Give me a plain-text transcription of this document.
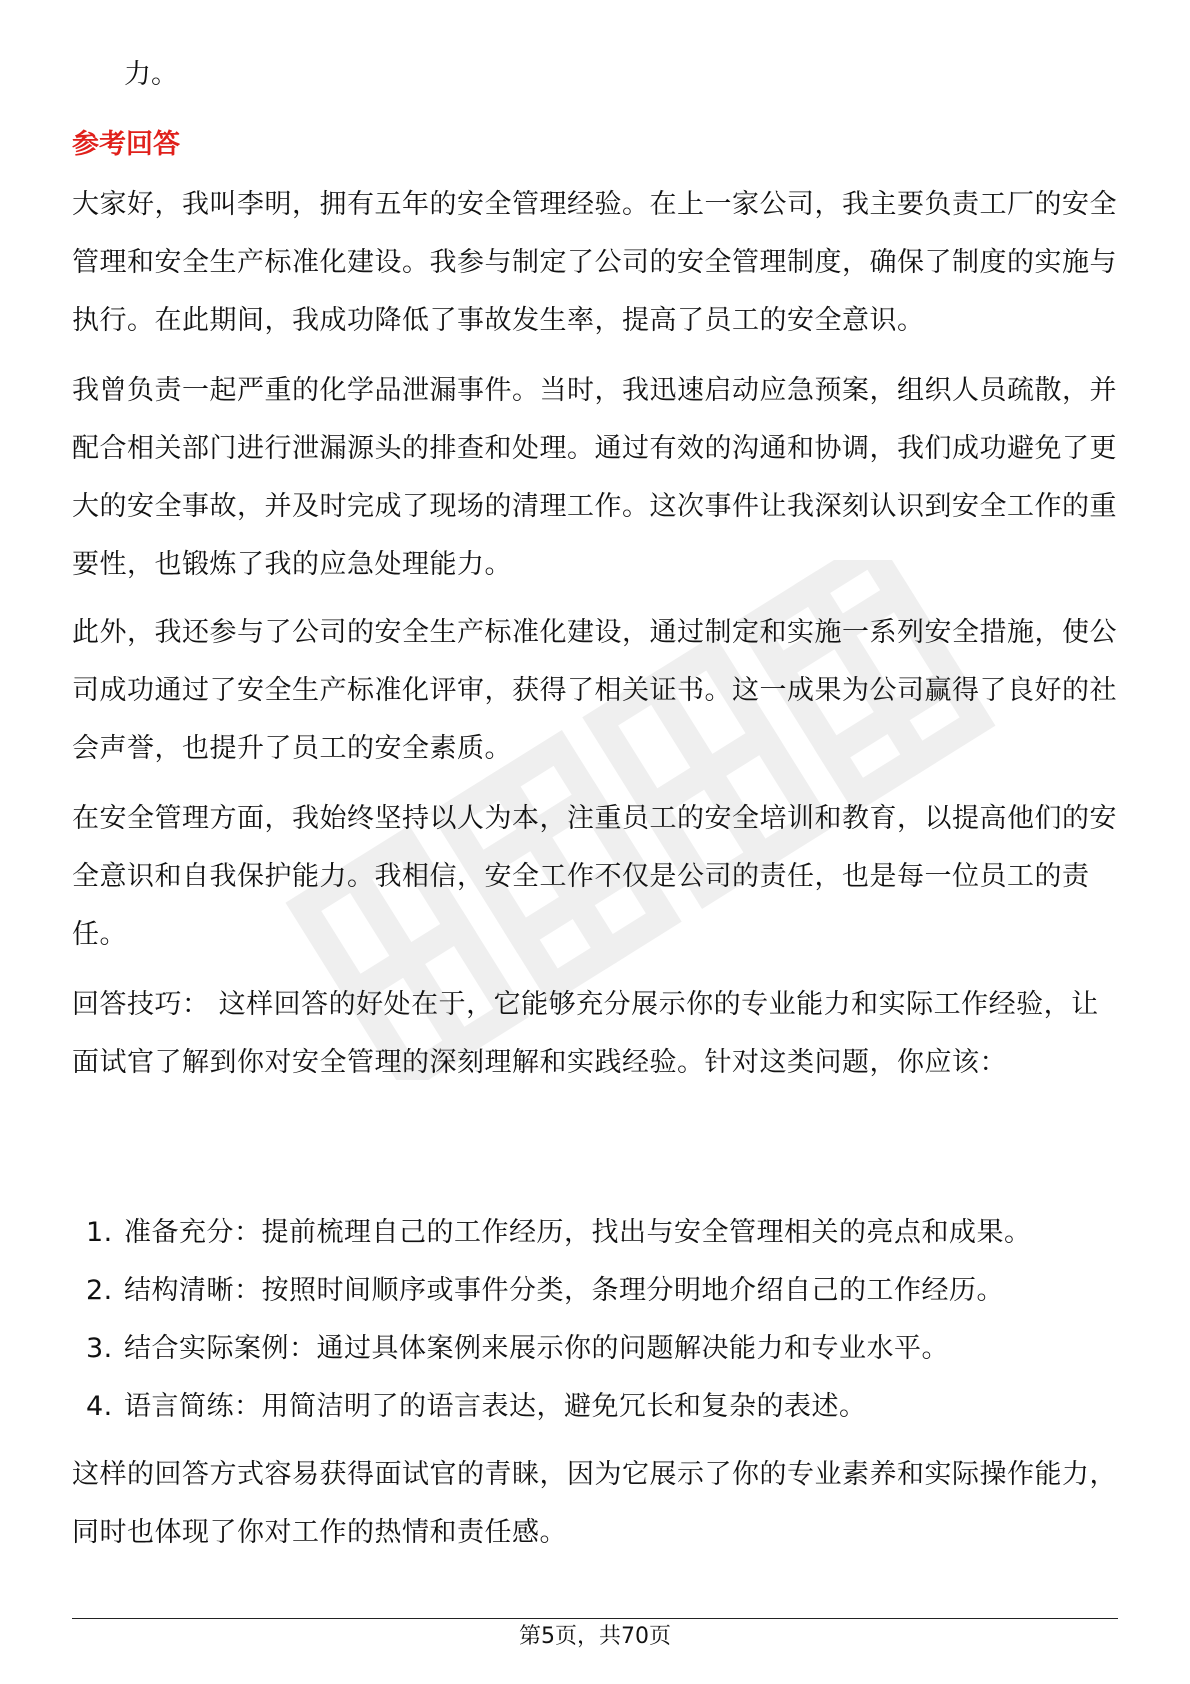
力。

参考回答

大家好，我叫李明，拥有五年的安全管理经验。在上一家公司，我主要负责工厂的安全管理和安全生产标准化建设。我参与制定了公司的安全管理制度，确保了制度的实施与执行。在此期间，我成功降低了事故发生率，提高了员工的安全意识。

我曾负责一起严重的化学品泄漏事件。当时，我迅速启动应急预案，组织人员疏散，并配合相关部门进行泄漏源头的排查和处理。通过有效的沟通和协调，我们成功避免了更大的安全事故，并及时完成了现场的清理工作。这次事件让我深刻认识到安全工作的重要性，也锻炼了我的应急处理能力。

此外，我还参与了公司的安全生产标准化建设，通过制定和实施一系列安全措施，使公司成功通过了安全生产标准化评审，获得了相关证书。这一成果为公司赢得了良好的社会声誉，也提升了员工的安全素质。

在安全管理方面，我始终坚持以人为本，注重员工的安全培训和教育，以提高他们的安全意识和自我保护能力。我相信，安全工作不仅是公司的责任，也是每一位员工的责任。

回答技巧： 这样回答的好处在于，它能够充分展示你的专业能力和实际工作经验，让面试官了解到你对安全管理的深刻理解和实践经验。针对这类问题，你应该：

1. 准备充分：提前梳理自己的工作经历，找出与安全管理相关的亮点和成果。
2. 结构清晰：按照时间顺序或事件分类，条理分明地介绍自己的工作经历。
3. 结合实际案例：通过具体案例来展示你的问题解决能力和专业水平。
4. 语言简练：用简洁明了的语言表达，避免冗长和复杂的表述。

这样的回答方式容易获得面试官的青睐，因为它展示了你的专业素养和实际操作能力，同时也体现了你对工作的热情和责任感。

第5页，共70页
